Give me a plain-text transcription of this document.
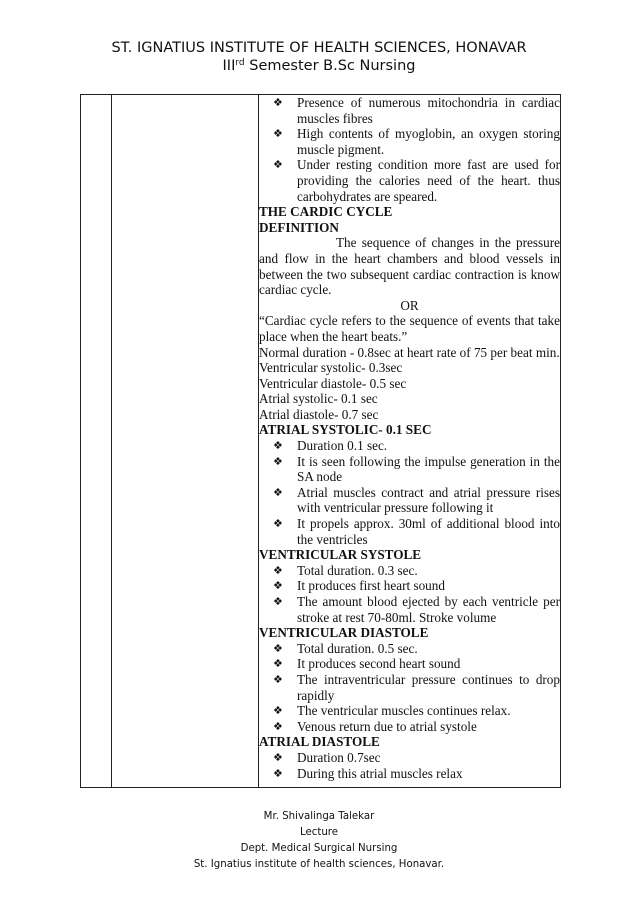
ST. IGNATIUS INSTITUTE OF HEALTH SCIENCES, HONAVAR
IIIrd Semester B.Sc Nursing

❖	Presence of numerous mitochondria in cardiac muscles fibres
❖	High contents of myoglobin, an oxygen storing muscle pigment.
❖	Under resting condition more fast are used for providing the calories need of the heart. thus carbohydrates are speared.
THE CARDIC CYCLE
DEFINITION
The sequence of changes in the pressure and flow in the heart chambers and blood vessels in between the two subsequent cardiac contraction is know cardiac cycle.
OR
“Cardiac cycle refers to the sequence of events that take place when the heart beats.”
Normal duration - 0.8sec at heart rate of 75 per beat min.
Ventricular systolic- 0.3sec
Ventricular diastole- 0.5 sec
Atrial systolic- 0.1 sec
Atrial diastole- 0.7 sec
ATRIAL SYSTOLIC- 0.1 SEC
❖	Duration 0.1 sec.
❖	It is seen following the impulse generation in the SA node
❖	Atrial muscles contract and atrial pressure rises with ventricular pressure following it
❖	It propels approx. 30ml of additional blood into the ventricles
VENTRICULAR SYSTOLE
❖	Total duration. 0.3 sec.
❖	It produces first heart sound
❖	The amount blood ejected by each ventricle per stroke at rest 70-80ml. Stroke volume
VENTRICULAR DIASTOLE
❖	Total duration. 0.5 sec.
❖	It produces second heart sound
❖	The intraventricular pressure continues to drop rapidly
❖	The ventricular muscles continues relax.
❖	Venous return due to atrial systole
ATRIAL DIASTOLE
❖	Duration 0.7sec
❖	During this atrial muscles relax
Mr. Shivalinga Talekar
Lecture
Dept. Medical Surgical Nursing
St. Ignatius institute of health sciences, Honavar.
